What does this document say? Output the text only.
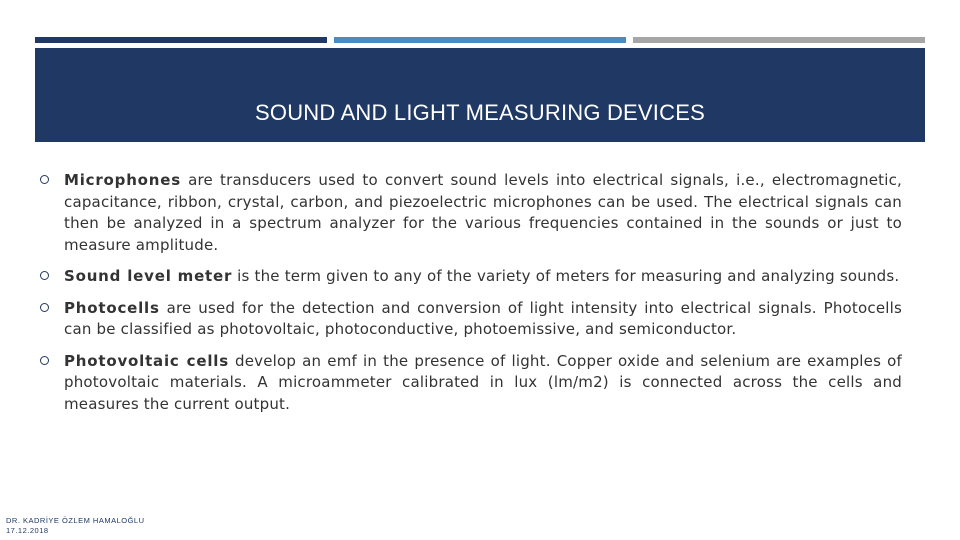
SOUND AND LIGHT MEASURING DEVICES

Microphones are transducers used to convert sound levels into electrical signals, i.e., electromagnetic, capacitance, ribbon, crystal, carbon, and piezoelectric microphones can be used. The electrical signals can then be analyzed in a spectrum analyzer for the various frequencies contained in the sounds or just to measure amplitude.

Sound level meter is the term given to any of the variety of meters for measuring and analyzing sounds.

Photocells are used for the detection and conversion of light intensity into electrical signals. Photocells can be classified as photovoltaic, photoconductive, photoemissive, and semiconductor.

Photovoltaic cells develop an emf in the presence of light. Copper oxide and selenium are examples of photovoltaic materials. A microammeter calibrated in lux (lm/m2) is connected across the cells and measures the current output.

DR. KADRİYE ÖZLEM HAMALOĞLU
17.12.2018
